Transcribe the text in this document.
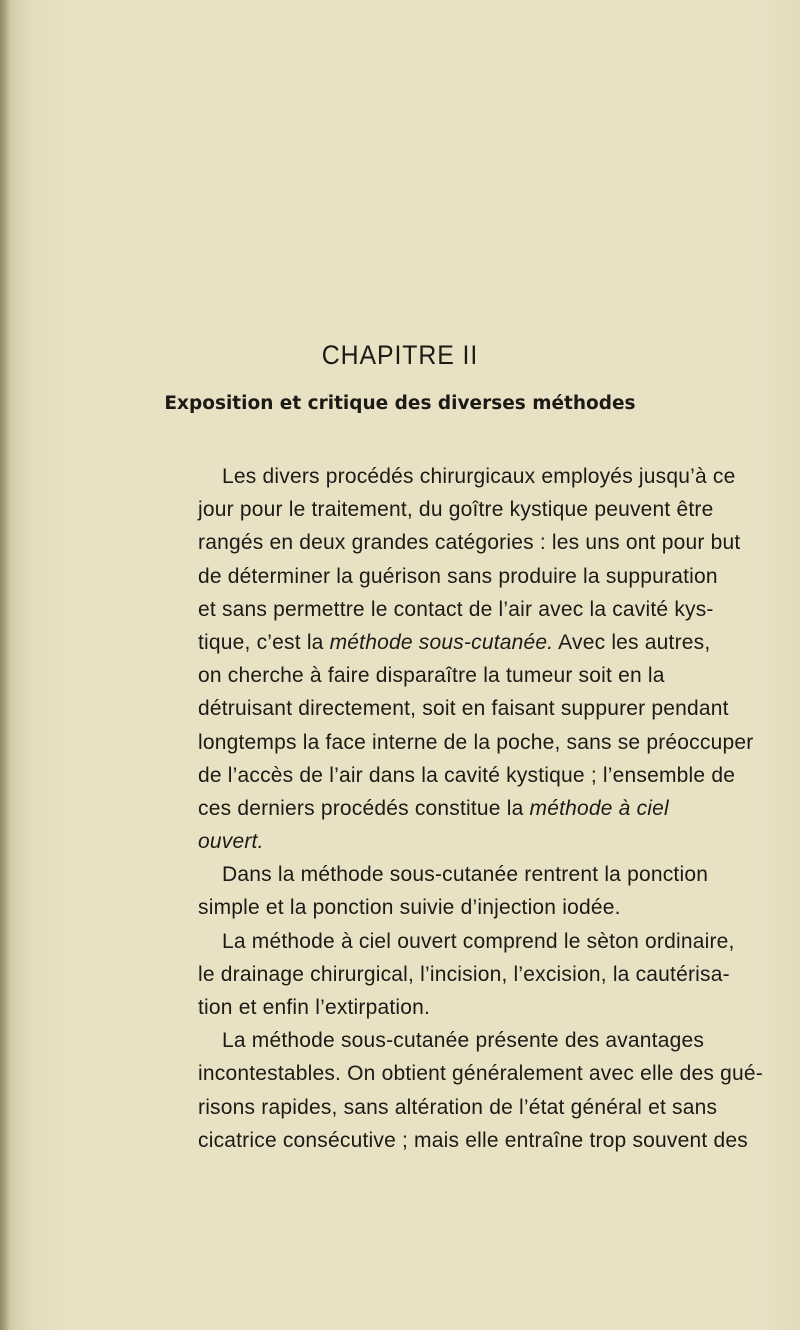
CHAPITRE II
Exposition et critique des diverses méthodes
Les divers procédés chirurgicaux employés jusqu’à ce
jour pour le traitement, du goître kystique peuvent être
rangés en deux grandes catégories : les uns ont pour but
de déterminer la guérison sans produire la suppuration
et sans permettre le contact de l’air avec la cavité kys-
tique, c’est la méthode sous-cutanée. Avec les autres,
on cherche à faire disparaître la tumeur soit en la
détruisant directement, soit en faisant suppurer pendant
longtemps la face interne de la poche, sans se préoccuper
de l’accès de l’air dans la cavité kystique ; l’ensemble de
ces derniers procédés constitue la méthode à ciel
ouvert.
Dans la méthode sous-cutanée rentrent la ponction
simple et la ponction suivie d’injection iodée.
La méthode à ciel ouvert comprend le sèton ordinaire,
le drainage chirurgical, l’incision, l’excision, la cautérisa-
tion et enfin l’extirpation.
La méthode sous-cutanée présente des avantages
incontestables. On obtient généralement avec elle des gué-
risons rapides, sans altération de l’état général et sans
cicatrice consécutive ; mais elle entraîne trop souvent des
